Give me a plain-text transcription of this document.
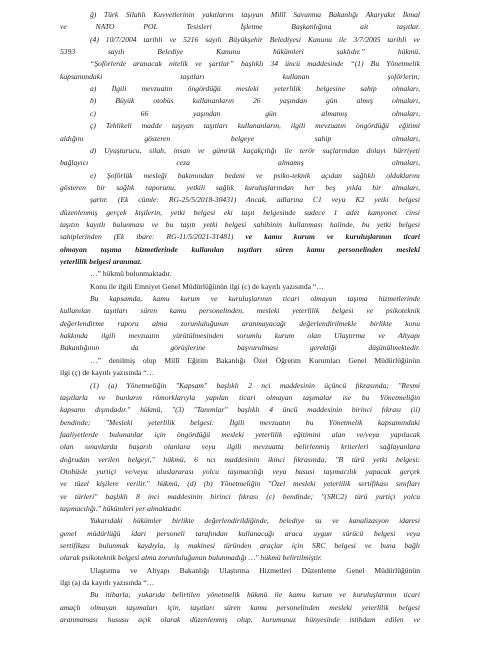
ğ) Türk Silahlı Kuvvetlerinin yakıtlarını taşıyan Millî Savunma Bakanlığı Akaryakıt İkmal
ve NATO POL Tesisleri İşletme Başkanlığına ait taşıtlar.
(4) 10/7/2004 tarihli ve 5216 sayılı Büyükşehir Belediyesi Kanunu ile 3/7/2005 tarihli ve
5393 sayılı Belediye Kanunu hükümleri saklıdır.” hükmü,
“Şoförlerde aranacak nitelik ve şartlar” başlıklı 34 üncü maddesinde “(1) Bu Yönetmelik
kapsamındaki taşıtları kullanan şoförlerin;
a) İlgili mevzuatın öngördüğü mesleki yeterlilik belgesine sahip olmaları,
b) Büyük otobüs kullananların 26 yaşından gün almış olmaları,
c) 66 yaşından gün almamış olmaları,
ç) Tehlikeli madde taşıyan taşıtları kullananların, ilgili mevzuatın öngördüğü eğitimi
aldığını gösteren belgeye sahip olmaları,
d) Uyuşturucu, silah, insan ve gümrük kaçakçılığı ile terör suçlarından dolayı hürriyeti
bağlayıcı ceza almamış olmaları,
e) Şoförlük mesleği bakımından bedeni ve psiko-teknik açıdan sağlıklı olduklarını
gösteren bir sağlık raporunu, yetkili sağlık kuruluşlarından her beş yılda bir almaları,
şartır. (Ek cümle: RG-25/5/2018-30431) Ancak, adlarına C1 veya K2 yetki belgesi
düzenlenmiş gerçek kişilerin, yetki belgesi eki taşıt belgesinde sadece 1 adet kamyonet cinsi
taşıtın kayıtlı bulunması ve bu taşıtı yetki belgesi sahibinin kullanması halinde, bu yetki belgesi
sahiplerinden (Ek ibare: RG-11/5/2021-31481) ve kamu kurum ve kuruluşlarının ticari
olmayan taşıma hizmetlerinde kullanılan taşıtları süren kamu personelinden mesleki
yeterlilik belgesi aranmaz.
…” hükmü bulunmaktadır.
Konu ile ilgili Emniyet Genel Müdürlüğünün ilgi (c) de kayıtlı yazısında “…
Bu kapsamda, kamu kurum ve kuruluşlarının ticari olmayan taşıma hizmetlerinde
kullanılan taşıtları süren kamu personelinden, mesleki yeterlilik belgesi ve psikoteknik
değerlendirme raporu alma zorunluluğunun aranmayacağı değerlendirilmekle birlikte konu
hakkında ilgili mevzuatın yürütülmesinden sorumlu kurum olan Ulaştırma ve Altyapı
Bakanlığının da görüşlerine başvurulması gerektiği düşünülmektedir.
…” denilmiş olup Millî Eğitim Bakanlığı Özel Öğretim Kurumları Genel Müdürlüğünün
ilgi (ç) de kayıtlı yazısında “…
(1) (a) Yönetmeliğin "Kapsam" başlıklı 2 nci maddesinin üçüncü fıkrasında; "Resmi
taşıtlarla ve bunların römorklarıyla yapılan ticari olmayan taşımalar ise bu Yönetmeliğin
kapsamı dışındadır." hükmü, "(3) "Tanımlar" başlıklı 4 üncü maddesinin birinci fıkrası (ii)
bendinde; "Mesleki yeterlilik belgesi: İlgili mevzuatın bu Yönetmelik kapsamındaki
faaliyetlerde bulunanlar için öngördüğü mesleki yeterlilik eğitimini alan ve/veya yapılacak
olan sınavlarda başarılı olanlara veya ilgili mevzuatta belirlenmiş kriterleri sağlayanlara
doğrudan verilen belgeyi," hükmü, 6 ncı maddesinin ikinci fıkrasında; "B türü yetki belgesi:
Otobüsle yurtiçi ve/veya uluslararası yolcu taşımacılığı veya hususi taşımacılık yapacak gerçek
ve tüzel kişilere verilir." hükmü, (d) (b) Yönetmeliğin "Özel mesleki yeterlilik sertifikası sınıfları
ve türleri" başlıklı 8 inci maddesinin birinci fıkrası (c) bendinde; "(SRC2) türü yurtiçi yolcu
taşımacılığı." hükümleri yer almaktadır.
Yukarıdaki hükümler birlikte değerlendirildiğinde, belediye su ve kanalizasyon idaresi
genel müdürlüğü idari personeli tarafından kullanacağı araca uygun sürücü belgesi veya
sertifikası bulunmak kaydıyla, iş makinesi türünden araçlar için SRC belgesi ve buna bağlı
olarak psikoteknik belgesi alma zorunluluğunun bulunmadığı …" hükmü belirtilmiştir.
Ulaştırma ve Altyapı Bakanlığı Ulaştırma Hizmetleri Düzenleme Genel Müdürlüğünün
ilgi (a) da kayıtlı yazısında “…
Bu itibarla; yukarıda belirtilen yönetmelik hükmü ile kamu kurum ve kuruluşlarının ticari
amaçlı olmayan taşımaları için, taşıtları süren kamu personelinden mesleki yeterlilik belgesi
aranmaması hususu açık olarak düzenlenmiş olup, kurumunuz bünyesinde istihdam edilen ve
